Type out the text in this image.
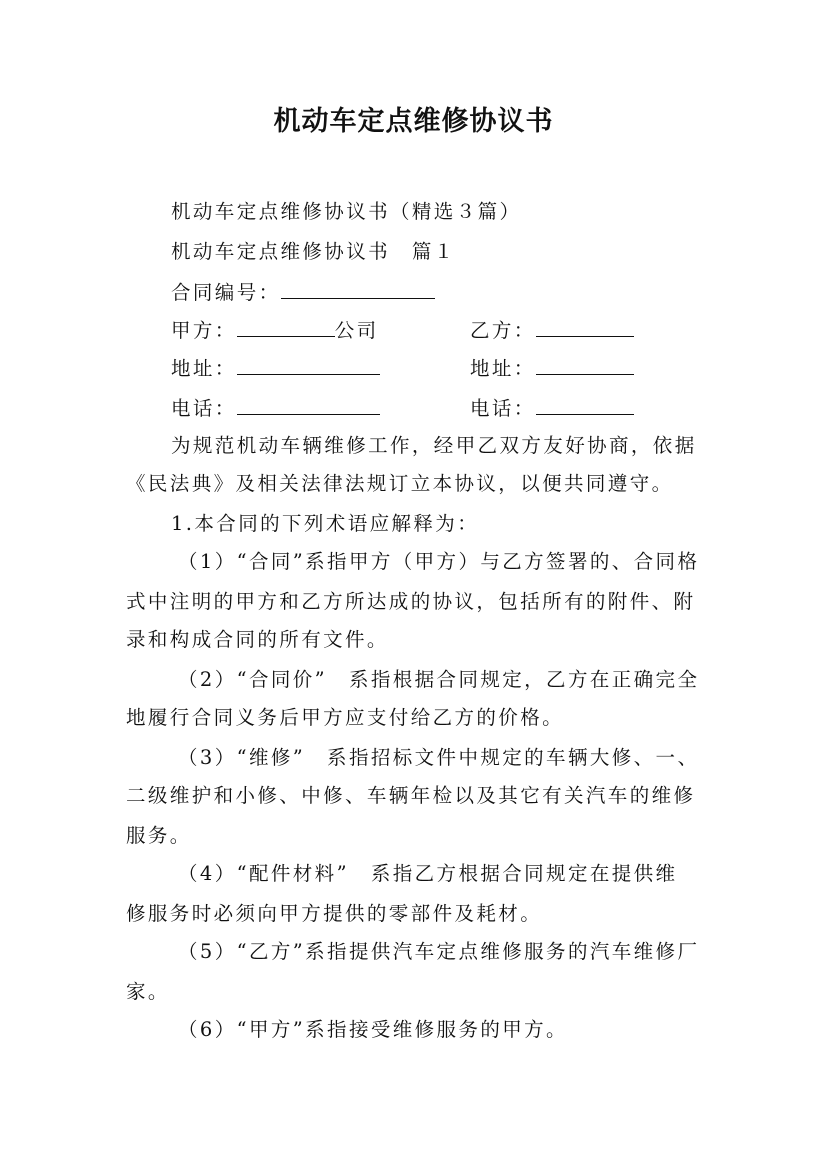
机动车定点维修协议书
机动车定点维修协议书（精选３篇）
机动车定点维修协议书　篇１
合同编号：
甲方：	公司	乙方：
地址：	地址：
电话：	电话：
为规范机动车辆维修工作，经甲乙双方友好协商，依据
《民法典》及相关法律法规订立本协议，以便共同遵守。
1.本合同的下列术语应解释为：
（1）“合同”系指甲方（甲方）与乙方签署的、合同格
式中注明的甲方和乙方所达成的协议，包括所有的附件、附
录和构成合同的所有文件。
（2）“合同价”　系指根据合同规定，乙方在正确完全
地履行合同义务后甲方应支付给乙方的价格。
（3）“维修”　系指招标文件中规定的车辆大修、一、
二级维护和小修、中修、车辆年检以及其它有关汽车的维修
服务。
（4）“配件材料”　系指乙方根据合同规定在提供维
修服务时必须向甲方提供的零部件及耗材。
（5）“乙方”系指提供汽车定点维修服务的汽车维修厂
家。
（6）“甲方”系指接受维修服务的甲方。
